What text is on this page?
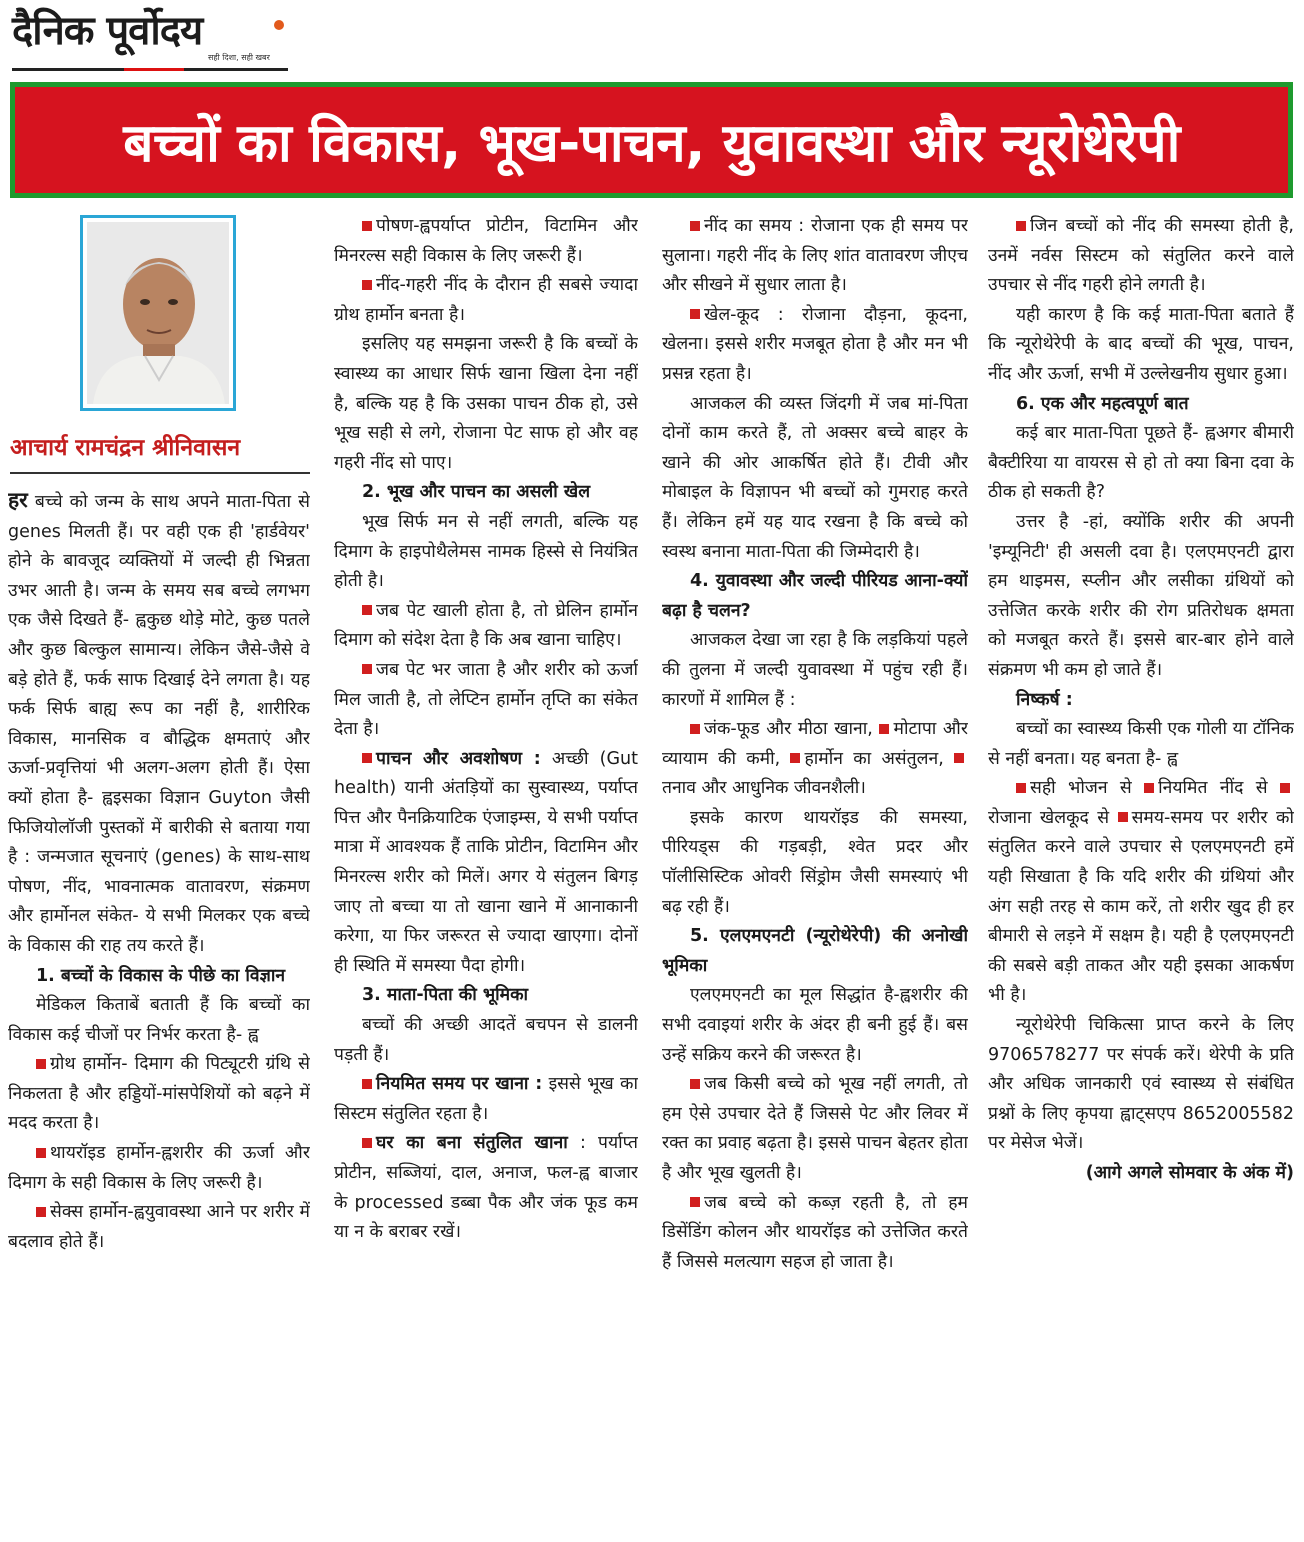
दैनिक पूर्वोदय
सही दिशा, सही खबर
बच्चों का विकास, भूख-पाचन, युवावस्था और न्यूरोथेरेपी
आचार्य रामचंद्रन श्रीनिवासन

हर बच्चे को जन्म के साथ अपने माता-पिता से genes मिलती हैं। पर वही एक ही 'हार्डवेयर' होने के बावजूद व्यक्तियों में जल्दी ही भिन्नता उभर आती है। जन्म के समय सब बच्चे लगभग एक जैसे दिखते हैं- ह्वकुछ थोड़े मोटे, कुछ पतले और कुछ बिल्कुल सामान्य। लेकिन जैसे-जैसे वे बड़े होते हैं, फर्क साफ दिखाई देने लगता है। यह फर्क सिर्फ बाह्य रूप का नहीं है, शारीरिक विकास, मानसिक व बौद्धिक क्षमताएं और ऊर्जा-प्रवृत्तियां भी अलग-अलग होती हैं। ऐसा क्यों होता है- ह्वइसका विज्ञान Guyton जैसी फिजियोलॉजी पुस्तकों में बारीकी से बताया गया है : जन्मजात सूचनाएं (genes) के साथ-साथ पोषण, नींद, भावनात्मक वातावरण, संक्रमण और हार्मोनल संकेत- ये सभी मिलकर एक बच्चे के विकास की राह तय करते हैं।

1. बच्चों के विकास के पीछे का विज्ञान

मेडिकल किताबें बताती हैं कि बच्चों का विकास कई चीजों पर निर्भर करता है- ह्व

ग्रोथ हार्मोन- दिमाग की पिट्यूटरी ग्रंथि से निकलता है और हड्डियों-मांसपेशियों को बढ़ने में मदद करता है।

थायरॉइड हार्मोन-ह्वशरीर की ऊर्जा और दिमाग के सही विकास के लिए जरूरी है।

सेक्स हार्मोन-ह्वयुवावस्था आने पर शरीर में बदलाव होते हैं।

पोषण-ह्वपर्याप्त प्रोटीन, विटामिन और मिनरल्स सही विकास के लिए जरूरी हैं।

नींद-गहरी नींद के दौरान ही सबसे ज्यादा ग्रोथ हार्मोन बनता है।

इसलिए यह समझना जरूरी है कि बच्चों के स्वास्थ्य का आधार सिर्फ खाना खिला देना नहीं है, बल्कि यह है कि उसका पाचन ठीक हो, उसे भूख सही से लगे, रोजाना पेट साफ हो और वह गहरी नींद सो पाए।

2. भूख और पाचन का असली खेल

भूख सिर्फ मन से नहीं लगती, बल्कि यह दिमाग के हाइपोथैलेमस नामक हिस्से से नियंत्रित होती है।

जब पेट खाली होता है, तो घ्रेलिन हार्मोन दिमाग को संदेश देता है कि अब खाना चाहिए।

जब पेट भर जाता है और शरीर को ऊर्जा मिल जाती है, तो लेप्टिन हार्मोन तृप्ति का संकेत देता है।

पाचन और अवशोषण : अच्छी (Gut health) यानी अंतड़ियों का सुस्वास्थ्य, पर्याप्त पित्त और पैनक्रियाटिक एंजाइम्स, ये सभी पर्याप्त मात्रा में आवश्यक हैं ताकि प्रोटीन, विटामिन और मिनरल्स शरीर को मिलें। अगर ये संतुलन बिगड़ जाए तो बच्चा या तो खाना खाने में आनाकानी करेगा, या फिर जरूरत से ज्यादा खाएगा। दोनों ही स्थिति में समस्या पैदा होगी।

3. माता-पिता की भूमिका

बच्चों की अच्छी आदतें बचपन से डालनी पड़ती हैं।

नियमित समय पर खाना : इससे भूख का सिस्टम संतुलित रहता है।

घर का बना संतुलित खाना : पर्याप्त प्रोटीन, सब्जियां, दाल, अनाज, फल-ह्व बाजार के processed डब्बा पैक और जंक फूड कम या न के बराबर रखें।

नींद का समय : रोजाना एक ही समय पर सुलाना। गहरी नींद के लिए शांत वातावरण जीएच और सीखने में सुधार लाता है।

खेल-कूद : रोजाना दौड़ना, कूदना, खेलना। इससे शरीर मजबूत होता है और मन भी प्रसन्न रहता है।

आजकल की व्यस्त जिंदगी में जब मां-पिता दोनों काम करते हैं, तो अक्सर बच्चे बाहर के खाने की ओर आकर्षित होते हैं। टीवी और मोबाइल के विज्ञापन भी बच्चों को गुमराह करते हैं। लेकिन हमें यह याद रखना है कि बच्चे को स्वस्थ बनाना माता-पिता की जिम्मेदारी है।

4. युवावस्था और जल्दी पीरियड आना-क्यों बढ़ा है चलन?

आजकल देखा जा रहा है कि लड़कियां पहले की तुलना में जल्दी युवावस्था में पहुंच रही हैं। कारणों में शामिल हैं :

जंक-फूड और मीठा खाना, मोटापा और व्यायाम की कमी, हार्मोन का असंतुलन, तनाव और आधुनिक जीवनशैली।

इसके कारण थायरॉइड की समस्या, पीरियड्स की गड़बड़ी, श्वेत प्रदर और पॉलीसिस्टिक ओवरी सिंड्रोम जैसी समस्याएं भी बढ़ रही हैं।

5. एलएमएनटी (न्यूरोथेरेपी) की अनोखी भूमिका

एलएमएनटी का मूल सिद्धांत है-ह्वशरीर की सभी दवाइयां शरीर के अंदर ही बनी हुई हैं। बस उन्हें सक्रिय करने की जरूरत है।

जब किसी बच्चे को भूख नहीं लगती, तो हम ऐसे उपचार देते हैं जिससे पेट और लिवर में रक्त का प्रवाह बढ़ता है। इससे पाचन बेहतर होता है और भूख खुलती है।

जब बच्चे को कब्ज़ रहती है, तो हम डिसेंडिंग कोलन और थायरॉइड को उत्तेजित करते हैं जिससे मलत्याग सहज हो जाता है।

जिन बच्चों को नींद की समस्या होती है, उनमें नर्वस सिस्टम को संतुलित करने वाले उपचार से नींद गहरी होने लगती है।

यही कारण है कि कई माता-पिता बताते हैं कि न्यूरोथेरेपी के बाद बच्चों की भूख, पाचन, नींद और ऊर्जा, सभी में उल्लेखनीय सुधार हुआ।

6. एक और महत्वपूर्ण बात

कई बार माता-पिता पूछते हैं- ह्वअगर बीमारी बैक्टीरिया या वायरस से हो तो क्या बिना दवा के ठीक हो सकती है?

उत्तर है -हां, क्योंकि शरीर की अपनी 'इम्यूनिटी' ही असली दवा है। एलएमएनटी द्वारा हम थाइमस, स्प्लीन और लसीका ग्रंथियों को उत्तेजित करके शरीर की रोग प्रतिरोधक क्षमता को मजबूत करते हैं। इससे बार-बार होने वाले संक्रमण भी कम हो जाते हैं।

निष्कर्ष :

बच्चों का स्वास्थ्य किसी एक गोली या टॉनिक से नहीं बनता। यह बनता है- ह्व

सही भोजन से नियमित नींद से रोजाना खेलकूद से समय-समय पर शरीर को संतुलित करने वाले उपचार से एलएमएनटी हमें यही सिखाता है कि यदि शरीर की ग्रंथियां और अंग सही तरह से काम करें, तो शरीर खुद ही हर बीमारी से लड़ने में सक्षम है। यही है एलएमएनटी की सबसे बड़ी ताकत और यही इसका आकर्षण भी है।

न्यूरोथेरेपी चिकित्सा प्राप्त करने के लिए 9706578277 पर संपर्क करें। थेरेपी के प्रति और अधिक जानकारी एवं स्वास्थ्य से संबंधित प्रश्नों के लिए कृपया ह्वाट्सएप 8652005582 पर मेसेज भेजें।

(आगे अगले सोमवार के अंक में)
